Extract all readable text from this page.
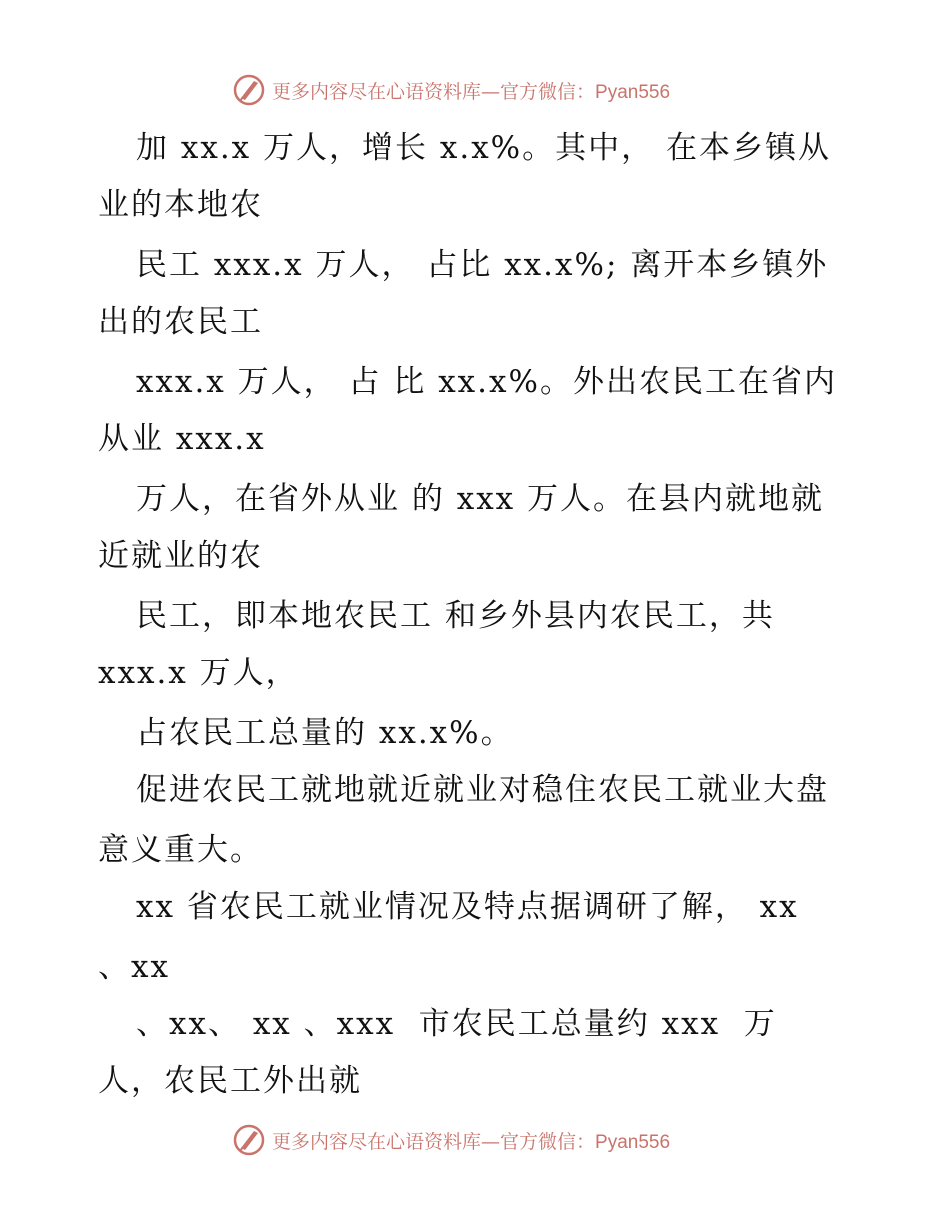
更多内容尽在心语资料库—官方微信：Pyan556
加 xx.x 万人，增长 x.x%。其中， 在本乡镇从
业的本地农
民工 xxx.x 万人， 占比 xx.x%; 离开本乡镇外
出的农民工
xxx.x 万人， 占 比 xx.x%。外出农民工在省内
从业 xxx.x
万人，在省外从业 的 xxx 万人。在县内就地就
近就业的农
民工，即本地农民工 和乡外县内农民工，共
xxx.x 万人，
占农民工总量的 xx.x%。
促进农民工就地就近就业对稳住农民工就业大盘
意义重大。
xx 省农民工就业情况及特点据调研了解， xx
、xx
、xx、 xx 、xxx  市农民工总量约 xxx  万
人，农民工外出就
更多内容尽在心语资料库—官方微信：Pyan556
